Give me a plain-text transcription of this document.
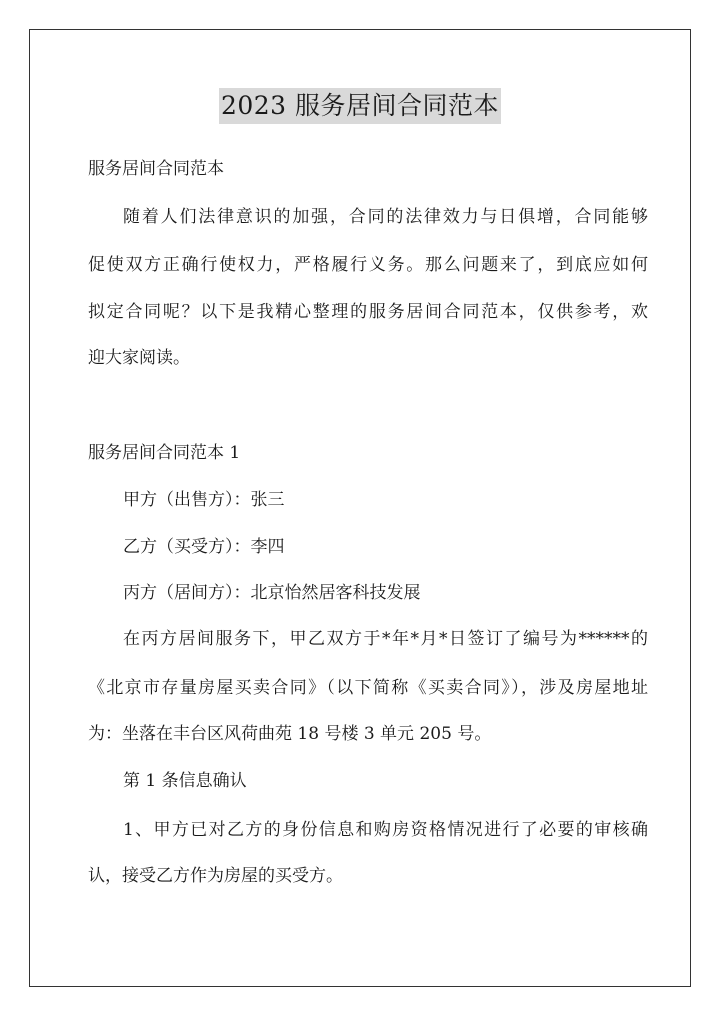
2023 服务居间合同范本
服务居间合同范本
随着人们法律意识的加强，合同的法律效力与日俱增，合同能够
促使双方正确行使权力，严格履行义务。那么问题来了，到底应如何
拟定合同呢？以下是我精心整理的服务居间合同范本，仅供参考，欢
迎大家阅读。
服务居间合同范本 1
甲方（出售方）：张三
乙方（买受方）：李四
丙方（居间方）：北京怡然居客科技发展
在丙方居间服务下，甲乙双方于*年*月*日签订了编号为******的
《北京市存量房屋买卖合同》（以下简称《买卖合同》），涉及房屋地址
为：坐落在丰台区风荷曲苑 18 号楼 3 单元 205 号。
第 1 条信息确认
1、甲方已对乙方的身份信息和购房资格情况进行了必要的审核确
认，接受乙方作为房屋的买受方。
